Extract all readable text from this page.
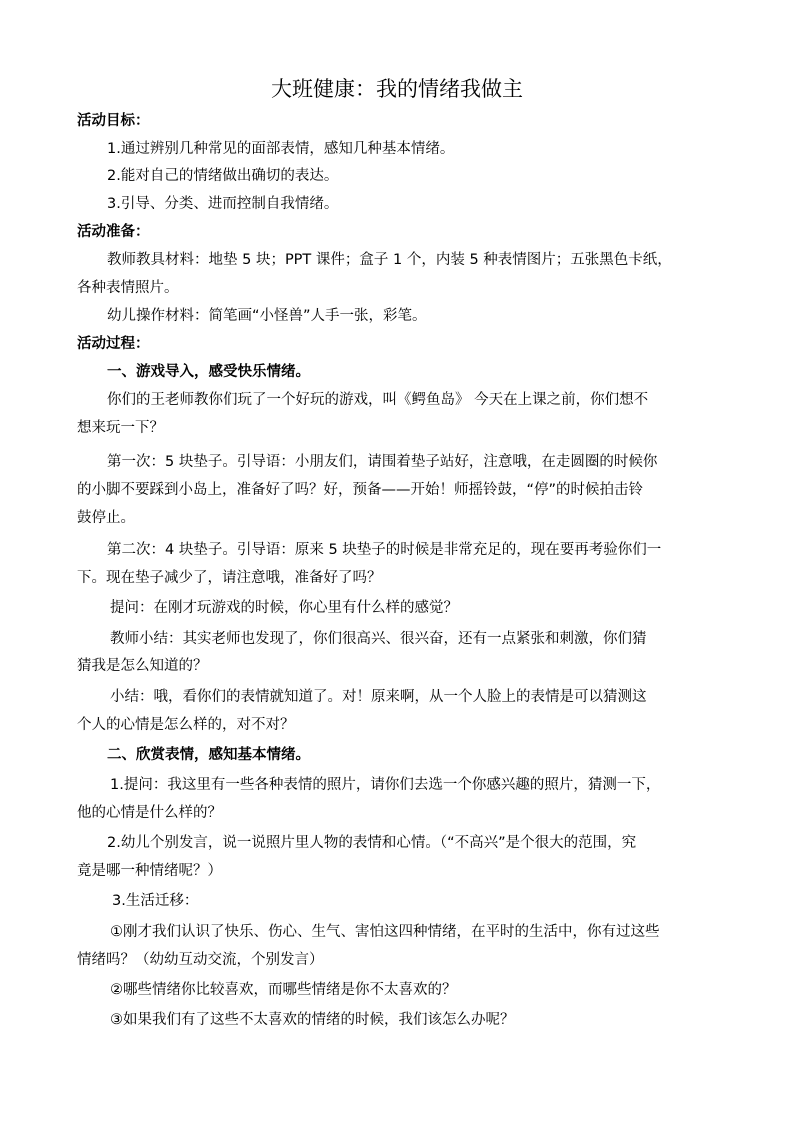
大班健康：我的情绪我做主
活动目标：
1.通过辨别几种常见的面部表情，感知几种基本情绪。
2.能对自己的情绪做出确切的表达。
3.引导、分类、进而控制自我情绪。
活动准备：
教师教具材料：地垫 5 块；PPT 课件；盒子 1 个，内装 5 种表情图片；五张黑色卡纸，
各种表情照片。
幼儿操作材料：简笔画“小怪兽”人手一张，彩笔。
活动过程：
一、游戏导入，感受快乐情绪。
你们的王老师教你们玩了一个好玩的游戏，叫《鳄鱼岛》 今天在上课之前，你们想不
想来玩一下？
第一次：5 块垫子。引导语：小朋友们，请围着垫子站好，注意哦，在走圆圈的时候你
的小脚不要踩到小岛上，准备好了吗？好，预备——开始！师摇铃鼓，“停”的时候拍击铃
鼓停止。
第二次：4 块垫子。引导语：原来 5 块垫子的时候是非常充足的，现在要再考验你们一
下。现在垫子减少了，请注意哦，准备好了吗？
提问：在刚才玩游戏的时候，你心里有什么样的感觉？
教师小结：其实老师也发现了，你们很高兴、很兴奋，还有一点紧张和刺激，你们猜
猜我是怎么知道的？
小结：哦，看你们的表情就知道了。对！原来啊，从一个人脸上的表情是可以猜测这
个人的心情是怎么样的，对不对？
二、欣赏表情，感知基本情绪。
1.提问：我这里有一些各种表情的照片，请你们去选一个你感兴趣的照片，猜测一下，
他的心情是什么样的？
2.幼儿个别发言，说一说照片里人物的表情和心情。（“不高兴”是个很大的范围，究
竟是哪一种情绪呢？）
3.生活迁移：
①刚才我们认识了快乐、伤心、生气、害怕这四种情绪，在平时的生活中，你有过这些
情绪吗？（幼幼互动交流，个别发言）
②哪些情绪你比较喜欢，而哪些情绪是你不太喜欢的？
③如果我们有了这些不太喜欢的情绪的时候，我们该怎么办呢？
